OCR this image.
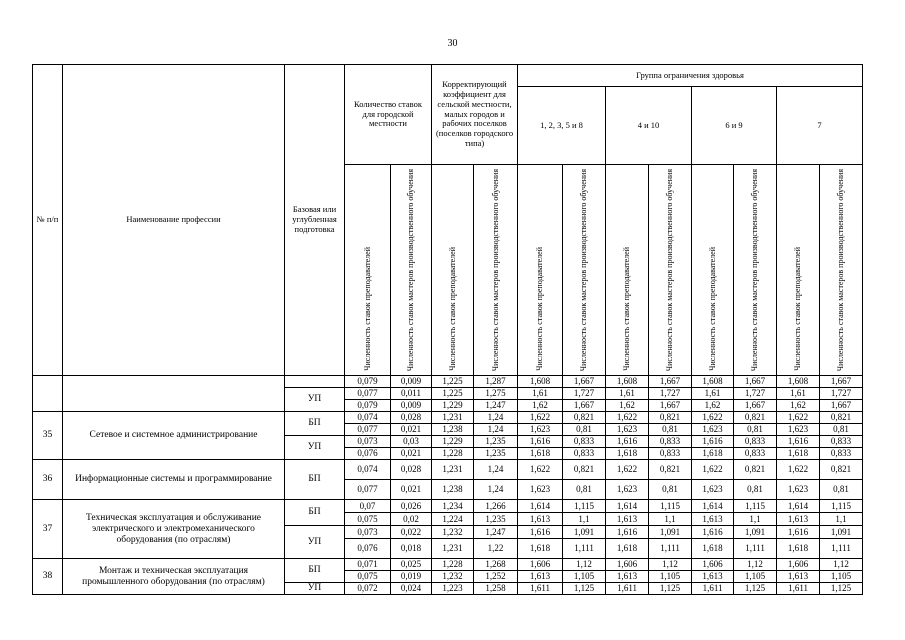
30
№ п/п	Наименование профессии	Базовая или углубленная подготовка	Количество ставок для городской местности		Корректирующий коэффициент для сельской местности, малых городов и рабочих поселков (поселков городского типа)		Группа ограничения здоровья							
							1, 2, 3, 5 и 8		4 и 10		6 и 9		7	

			Численность ставок преподавателей	Численность ставок мастеров производственного обучения	Численность ставок преподавателей	Численность ставок мастеров производственного обучения	Численность ставок преподавателей	Численность ставок мастеров производственного обучения	Численность ставок преподавателей	Численность ставок мастеров производственного обучения	Численность ставок преподавателей	Численность ставок мастеров производственного обучения	Численность ставок преподавателей	Численность ставок мастеров производственного обучения

			0,079	0,009	1,225	1,287	1,608	1,667	1,608	1,667	1,608	1,667	1,608	1,667
		УП	0,077	0,011	1,225	1,275	1,61	1,727	1,61	1,727	1,61	1,727	1,61	1,727
			0,079	0,009	1,229	1,247	1,62	1,667	1,62	1,667	1,62	1,667	1,62	1,667
35	Сетевое и системное администрирование	БП	0,074	0,028	1,231	1,24	1,622	0,821	1,622	0,821	1,622	0,821	1,622	0,821
			0,077	0,021	1,238	1,24	1,623	0,81	1,623	0,81	1,623	0,81	1,623	0,81
		УП	0,073	0,03	1,229	1,235	1,616	0,833	1,616	0,833	1,616	0,833	1,616	0,833
			0,076	0,021	1,228	1,235	1,618	0,833	1,618	0,833	1,618	0,833	1,618	0,833
36	Информационные системы и программирование	БП	0,074	0,028	1,231	1,24	1,622	0,821	1,622	0,821	1,622	0,821	1,622	0,821
			0,077	0,021	1,238	1,24	1,623	0,81	1,623	0,81	1,623	0,81	1,623	0,81
37	Техническая эксплуатация и обслуживание электрического и электромеханического оборудования (по отраслям)	БП	0,07	0,026	1,234	1,266	1,614	1,115	1,614	1,115	1,614	1,115	1,614	1,115
			0,075	0,02	1,224	1,235	1,613	1,1	1,613	1,1	1,613	1,1	1,613	1,1
		УП	0,073	0,022	1,232	1,247	1,616	1,091	1,616	1,091	1,616	1,091	1,616	1,091
			0,076	0,018	1,231	1,22	1,618	1,111	1,618	1,111	1,618	1,111	1,618	1,111
38	Монтаж и техническая эксплуатация промышленного оборудования (по отраслям)	БП	0,071	0,025	1,228	1,268	1,606	1,12	1,606	1,12	1,606	1,12	1,606	1,12
			0,075	0,019	1,232	1,252	1,613	1,105	1,613	1,105	1,613	1,105	1,613	1,105
		УП	0,072	0,024	1,223	1,258	1,611	1,125	1,611	1,125	1,611	1,125	1,611	1,125
